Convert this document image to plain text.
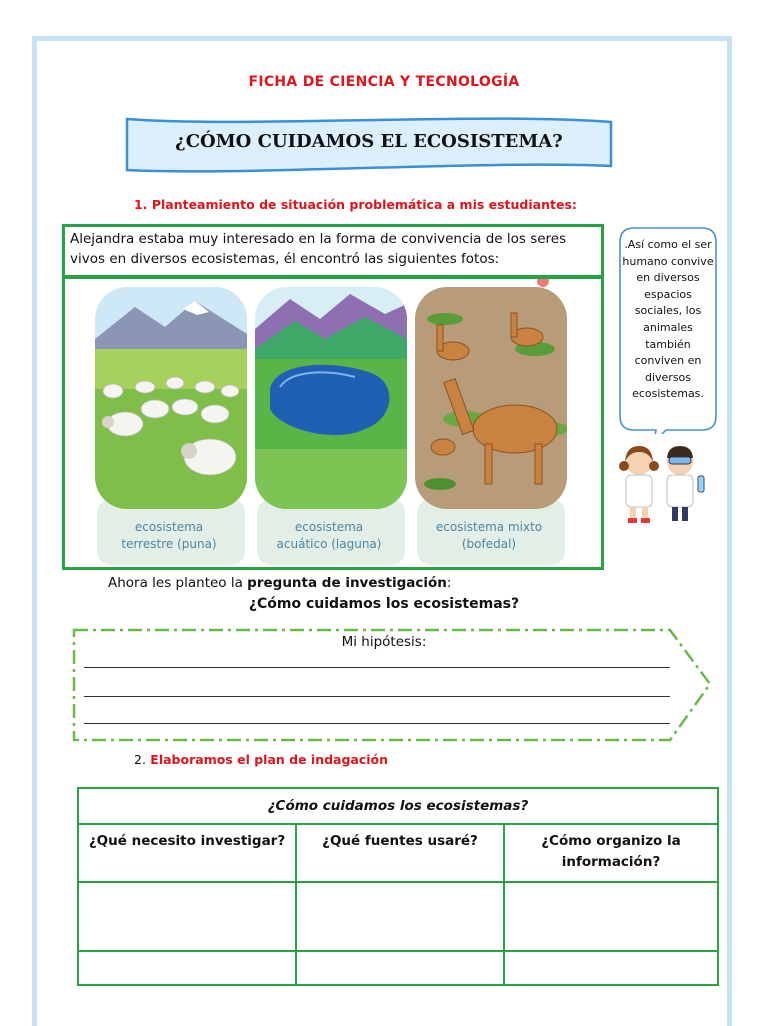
FICHA DE CIENCIA Y TECNOLOGÍA
¿CÓMO CUIDAMOS EL ECOSISTEMA?
1. Planteamiento de situación problemática a mis estudiantes:
Alejandra estaba muy interesado en la forma de convivencia de los seres vivos en diversos ecosistemas, él encontró las siguientes fotos:
ecosistema
terrestre (puna)
ecosistema
acuático (laguna)
ecosistema mixto
(bofedal)
.Así como el ser humano convive en diversos espacios sociales, los animales también conviven en diversos ecosistemas.
Ahora les planteo la pregunta de investigación:
¿Cómo cuidamos los ecosistemas?
Mi hipótesis:
2. Elaboramos el plan de indagación
¿Cómo cuidamos los ecosistemas?		
¿Qué necesito investigar?	¿Qué fuentes usaré?	¿Cómo organizo la información?
